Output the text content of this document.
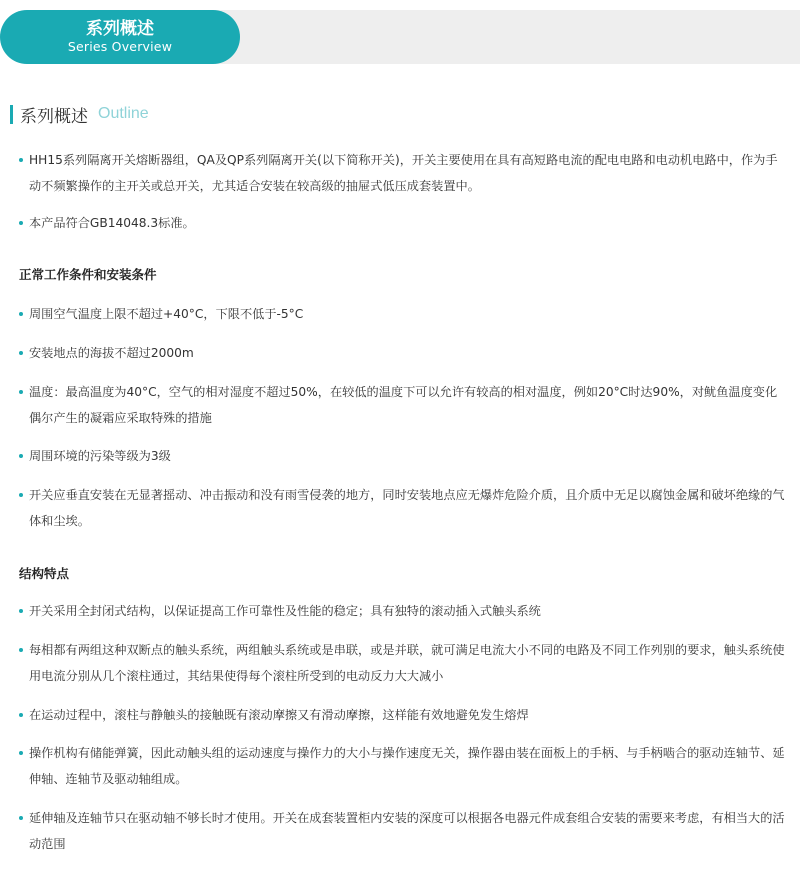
系列概述
Series Overview
系列概述 Outline
HH15系列隔离开关熔断器组，QA及QP系列隔离开关(以下简称开关)，开关主要使用在具有高短路电流的配电电路和电动机电路中，作为手动不频繁操作的主开关或总开关，尤其适合安装在较高级的抽屉式低压成套装置中。
本产品符合GB14048.3标准。
正常工作条件和安装条件
周围空气温度上限不超过+40°C，下限不低于-5°C
安装地点的海拔不超过2000m
温度：最高温度为40°C，空气的相对湿度不超过50%，在较低的温度下可以允许有较高的相对温度，例如20°C时达90%，对鱿鱼温度变化偶尔产生的凝霜应采取特殊的措施
周围环境的污染等级为3级
开关应垂直安装在无显著摇动、冲击振动和没有雨雪侵袭的地方，同时安装地点应无爆炸危险介质，且介质中无足以腐蚀金属和破坏绝缘的气体和尘埃。
结构特点
开关采用全封闭式结构，以保证提高工作可靠性及性能的稳定；具有独特的滚动插入式触头系统
每相都有两组这种双断点的触头系统，两组触头系统或是串联，或是并联，就可满足电流大小不同的电路及不同工作列别的要求，触头系统使用电流分别从几个滚柱通过，其结果使得每个滚柱所受到的电动反力大大减小
在运动过程中，滚柱与静触头的接触既有滚动摩擦又有滑动摩擦，这样能有效地避免发生熔焊
操作机构有储能弹簧，因此动触头组的运动速度与操作力的大小与操作速度无关，操作器由装在面板上的手柄、与手柄啮合的驱动连轴节、延伸轴、连轴节及驱动轴组成。
延伸轴及连轴节只在驱动轴不够长时才使用。开关在成套装置柜内安装的深度可以根据各电器元件成套组合安装的需要来考虑，有相当大的活动范围
